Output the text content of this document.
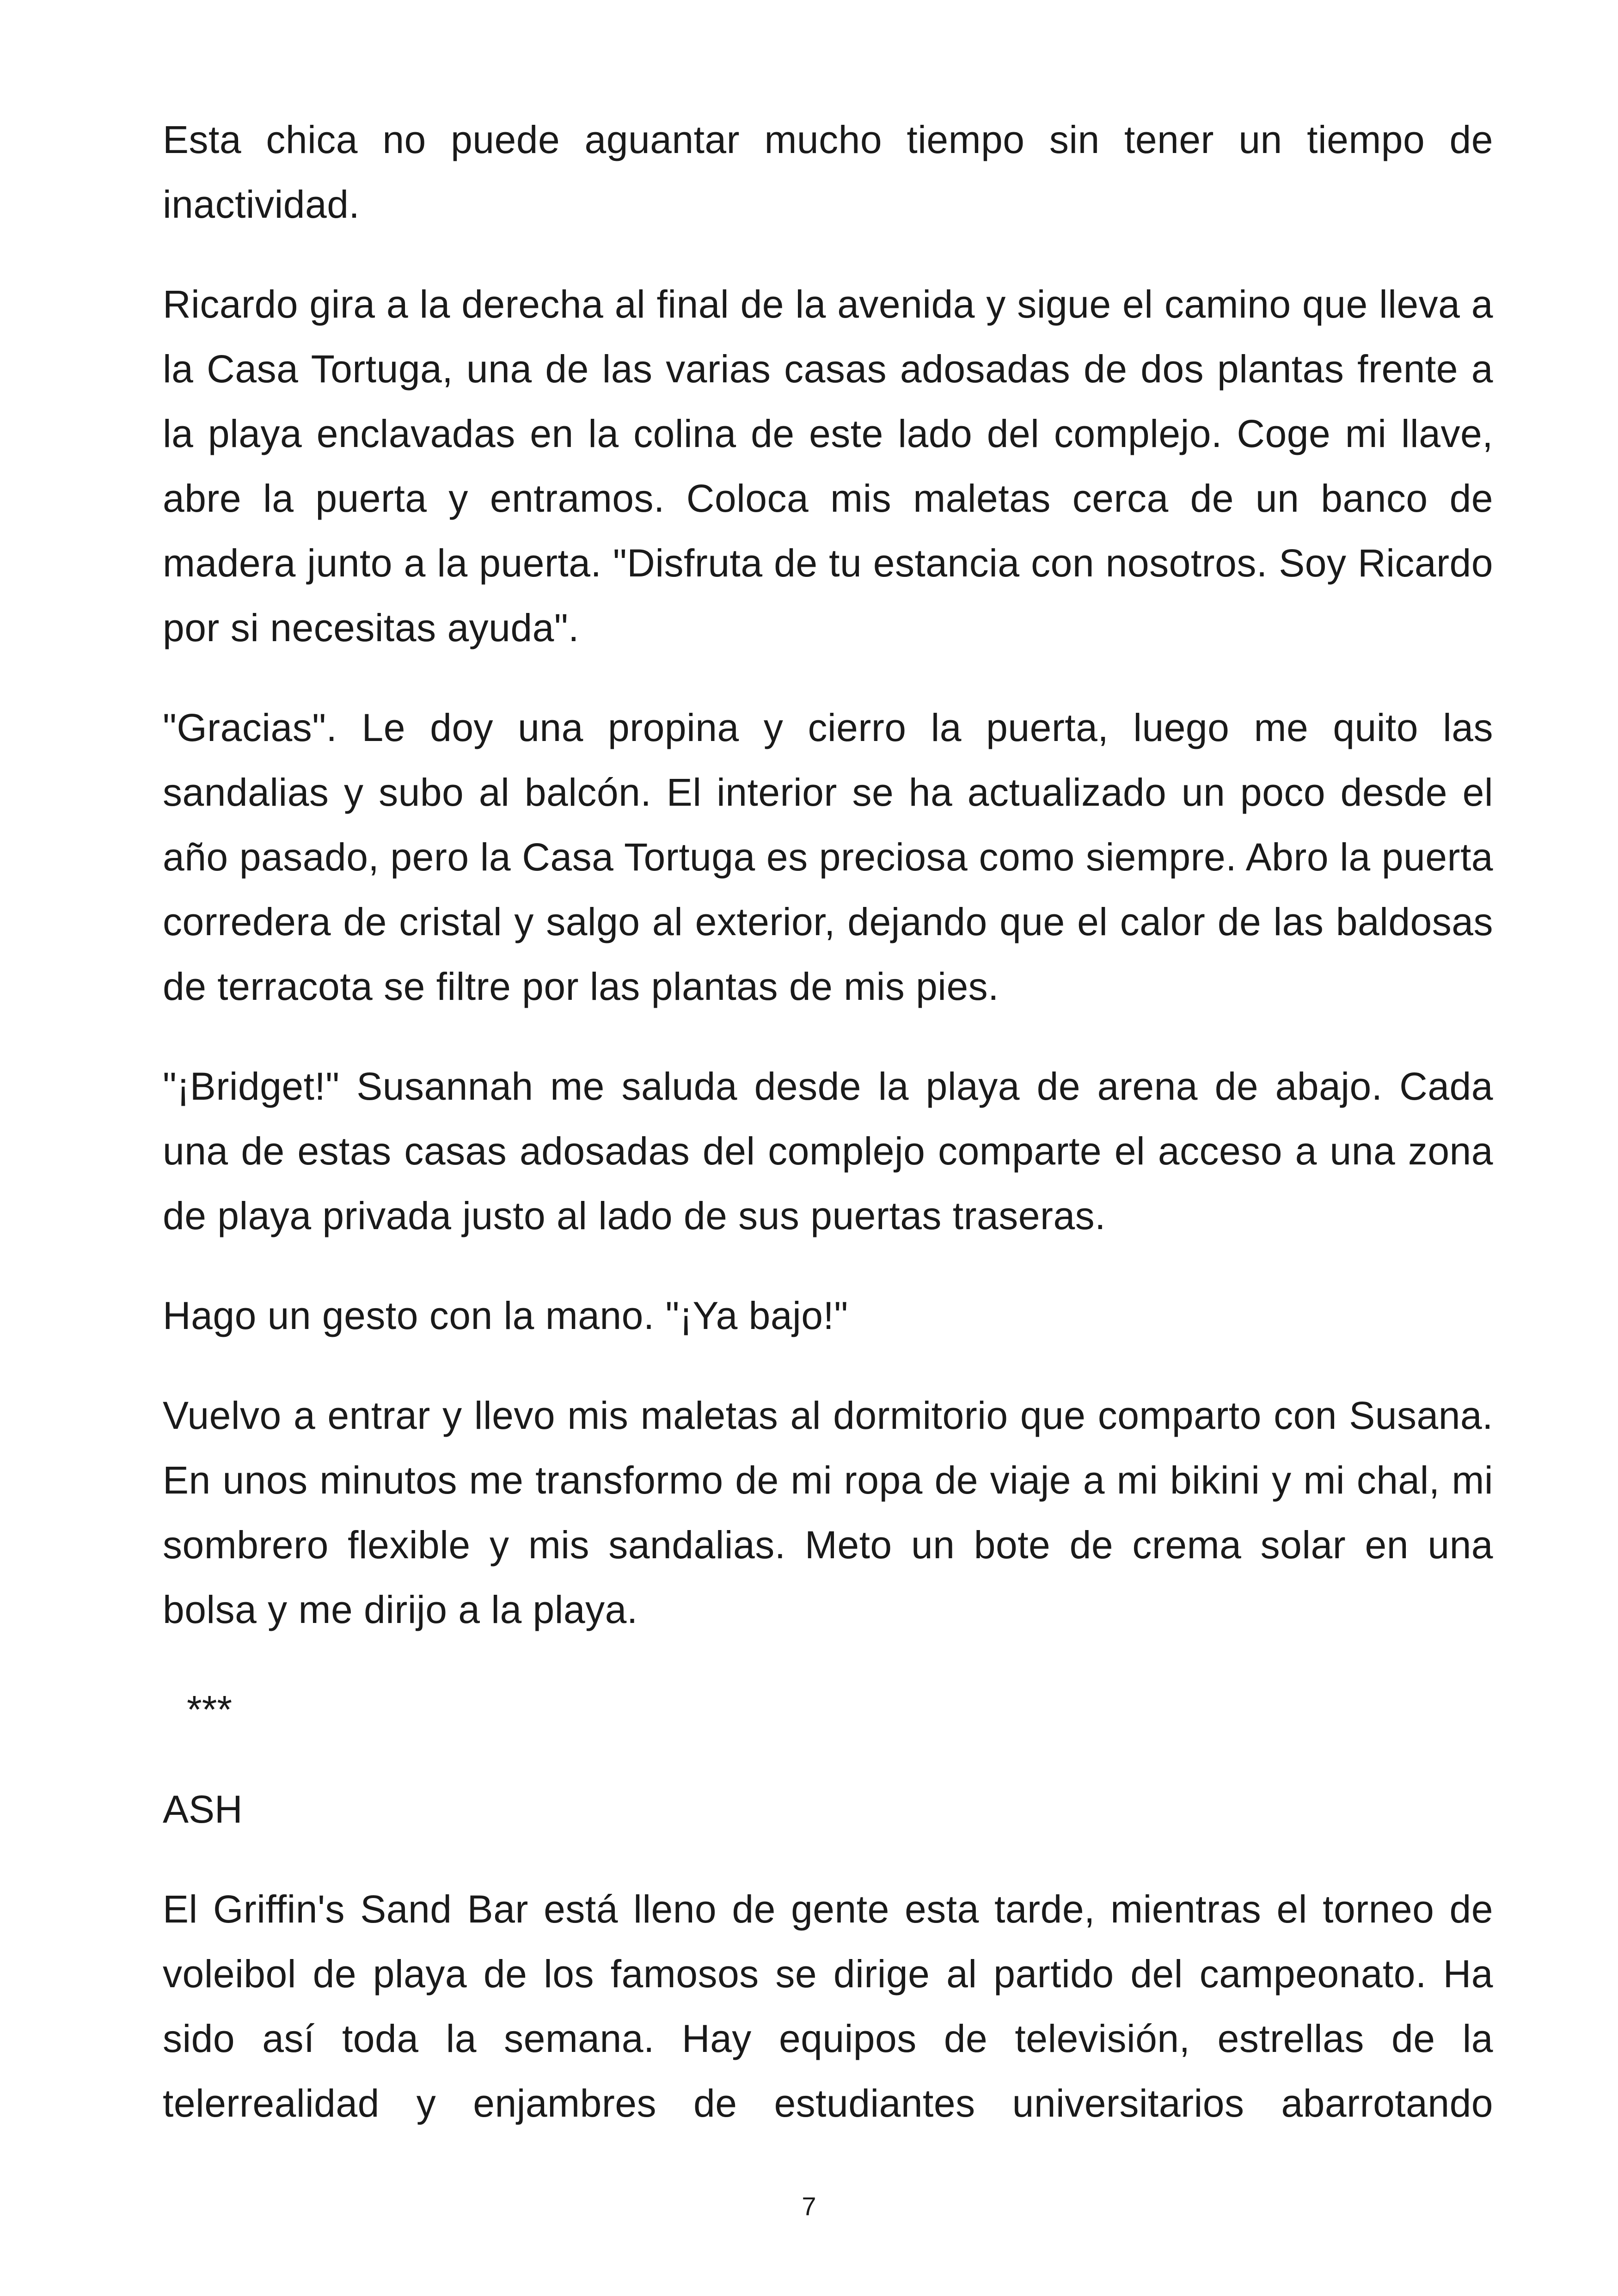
Esta chica no puede aguantar mucho tiempo sin tener un tiempo de inactividad.

Ricardo gira a la derecha al final de la avenida y sigue el camino que lleva a la Casa Tortuga, una de las varias casas adosadas de dos plantas frente a la playa enclavadas en la colina de este lado del complejo. Coge mi llave, abre la puerta y entramos. Coloca mis maletas cerca de un banco de madera junto a la puerta. "Disfruta de tu estancia con nosotros. Soy Ricardo por si necesitas ayuda".

"Gracias". Le doy una propina y cierro la puerta, luego me quito las sandalias y subo al balcón. El interior se ha actualizado un poco desde el año pasado, pero la Casa Tortuga es preciosa como siempre. Abro la puerta corredera de cristal y salgo al exterior, dejando que el calor de las baldosas de terracota se filtre por las plantas de mis pies.

"¡Bridget!" Susannah me saluda desde la playa de arena de abajo. Cada una de estas casas adosadas del complejo comparte el acceso a una zona de playa privada justo al lado de sus puertas traseras.

Hago un gesto con la mano. "¡Ya bajo!"

Vuelvo a entrar y llevo mis maletas al dormitorio que comparto con Susana. En unos minutos me transformo de mi ropa de viaje a mi bikini y mi chal, mi sombrero flexible y mis sandalias. Meto un bote de crema solar en una bolsa y me dirijo a la playa.

***
ASH

El Griffin's Sand Bar está lleno de gente esta tarde, mientras el torneo de voleibol de playa de los famosos se dirige al partido del campeonato. Ha sido así toda la semana. Hay equipos de televisión, estrellas de la telerrealidad y enjambres de estudiantes universitarios abarrotando

7
